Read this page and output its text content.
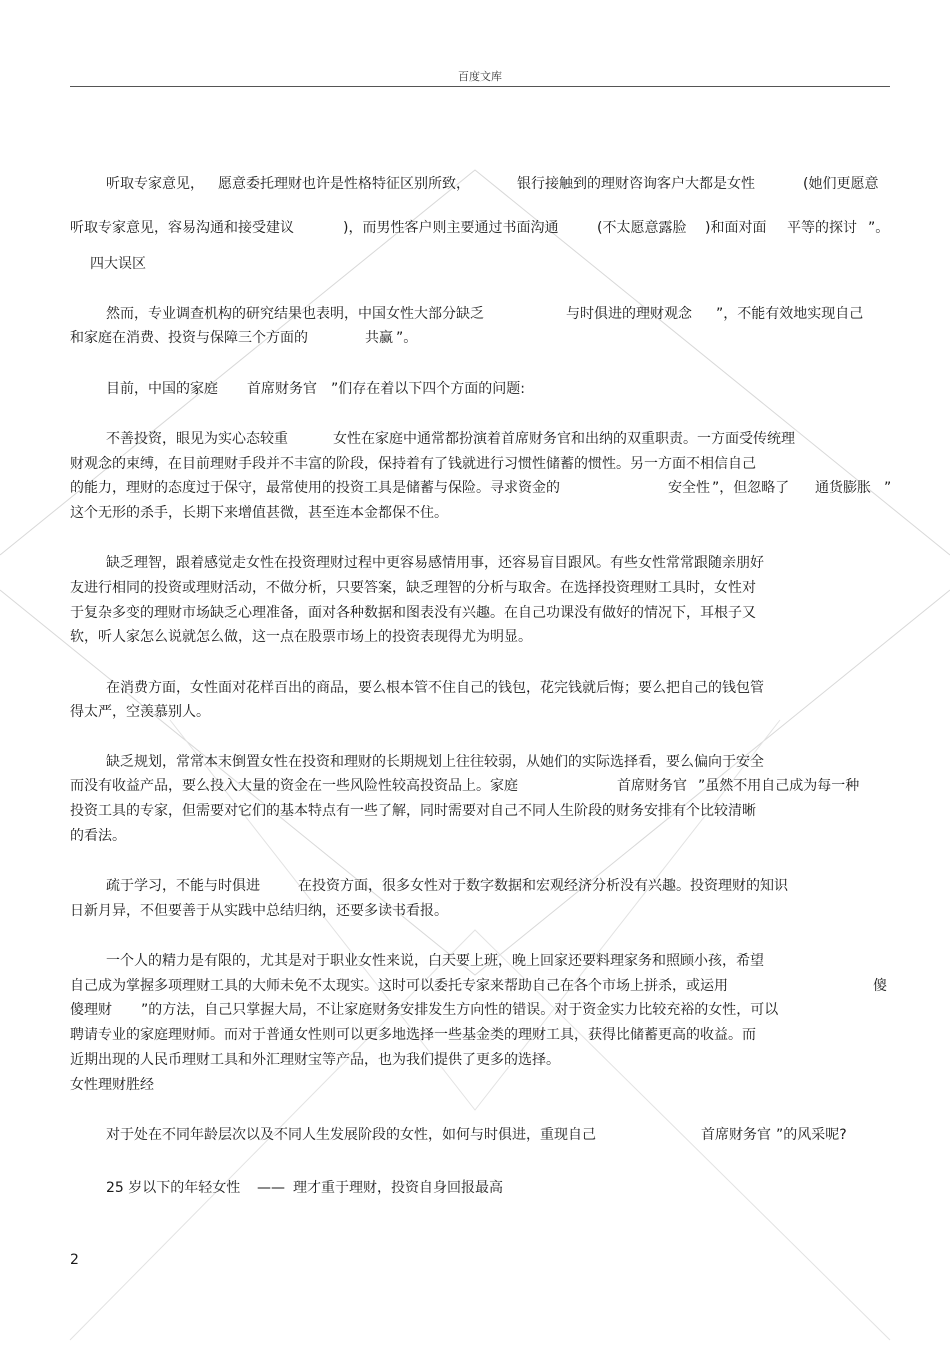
百度文库
听取专家意见， 愿意委托理财也许是性格特征区别所致，	银行接触到的理财咨询客户大都是女性	(她们更愿意
听取专家意见，容易沟通和接受建议	)，而男性客户则主要通过书面沟通	(不太愿意露脸 )和面对面 平等的探讨 ”。
四大误区
然而，专业调查机构的研究结果也表明，中国女性大部分缺乏	与时俱进的理财观念 ”，不能有效地实现自己
和家庭在消费、投资与保障三个方面的	共赢 ”。
目前，中国的家庭 首席财务官 ”们存在着以下四个方面的问题:
不善投资，眼见为实心态较重	女性在家庭中通常都扮演着首席财务官和出纳的双重职责。一方面受传统理
财观念的束缚，在目前理财手段并不丰富的阶段，保持着有了钱就进行习惯性储蓄的惯性。另一方面不相信自己
的能力，理财的态度过于保守，最常使用的投资工具是储蓄与保险。寻求资金的	安全性 ”，但忽略了 通货膨胀 ”
这个无形的杀手，长期下来增值甚微，甚至连本金都保不住。
缺乏理智，跟着感觉走女性在投资理财过程中更容易感情用事，还容易盲目跟风。有些女性常常跟随亲朋好
友进行相同的投资或理财活动，不做分析，只要答案，缺乏理智的分析与取舍。在选择投资理财工具时，女性对
于复杂多变的理财市场缺乏心理准备，面对各种数据和图表没有兴趣。在自己功课没有做好的情况下，耳根子又
软，听人家怎么说就怎么做，这一点在股票市场上的投资表现得尤为明显。
在消费方面，女性面对花样百出的商品，要么根本管不住自己的钱包，花完钱就后悔；要么把自己的钱包管
得太严，空羡慕别人。
缺乏规划，常常本末倒置女性在投资和理财的长期规划上往往较弱，从她们的实际选择看，要么偏向于安全
而没有收益产品，要么投入大量的资金在一些风险性较高投资品上。家庭	首席财务官 ”虽然不用自己成为每一种
投资工具的专家，但需要对它们的基本特点有一些了解，同时需要对自己不同人生阶段的财务安排有个比较清晰
的看法。
疏于学习，不能与时俱进	在投资方面，很多女性对于数字数据和宏观经济分析没有兴趣。投资理财的知识
日新月异，不但要善于从实践中总结归纳，还要多读书看报。
一个人的精力是有限的，尤其是对于职业女性来说，白天要上班，晚上回家还要料理家务和照顾小孩，希望
自己成为掌握多项理财工具的大师未免不太现实。这时可以委托专家来帮助自己在各个市场上拼杀，或运用	傻
傻理财 ”的方法，自己只掌握大局，不让家庭财务安排发生方向性的错误。对于资金实力比较充裕的女性，可以
聘请专业的家庭理财师。而对于普通女性则可以更多地选择一些基金类的理财工具，获得比储蓄更高的收益。而
近期出现的人民币理财工具和外汇理财宝等产品，也为我们提供了更多的选择。
女性理财胜经
对于处在不同年龄层次以及不同人生发展阶段的女性，如何与时俱进，重现自己	首席财务官 ”的风采呢?
25 岁以下的年轻女性 —— 理才重于理财，投资自身回报最高
2
